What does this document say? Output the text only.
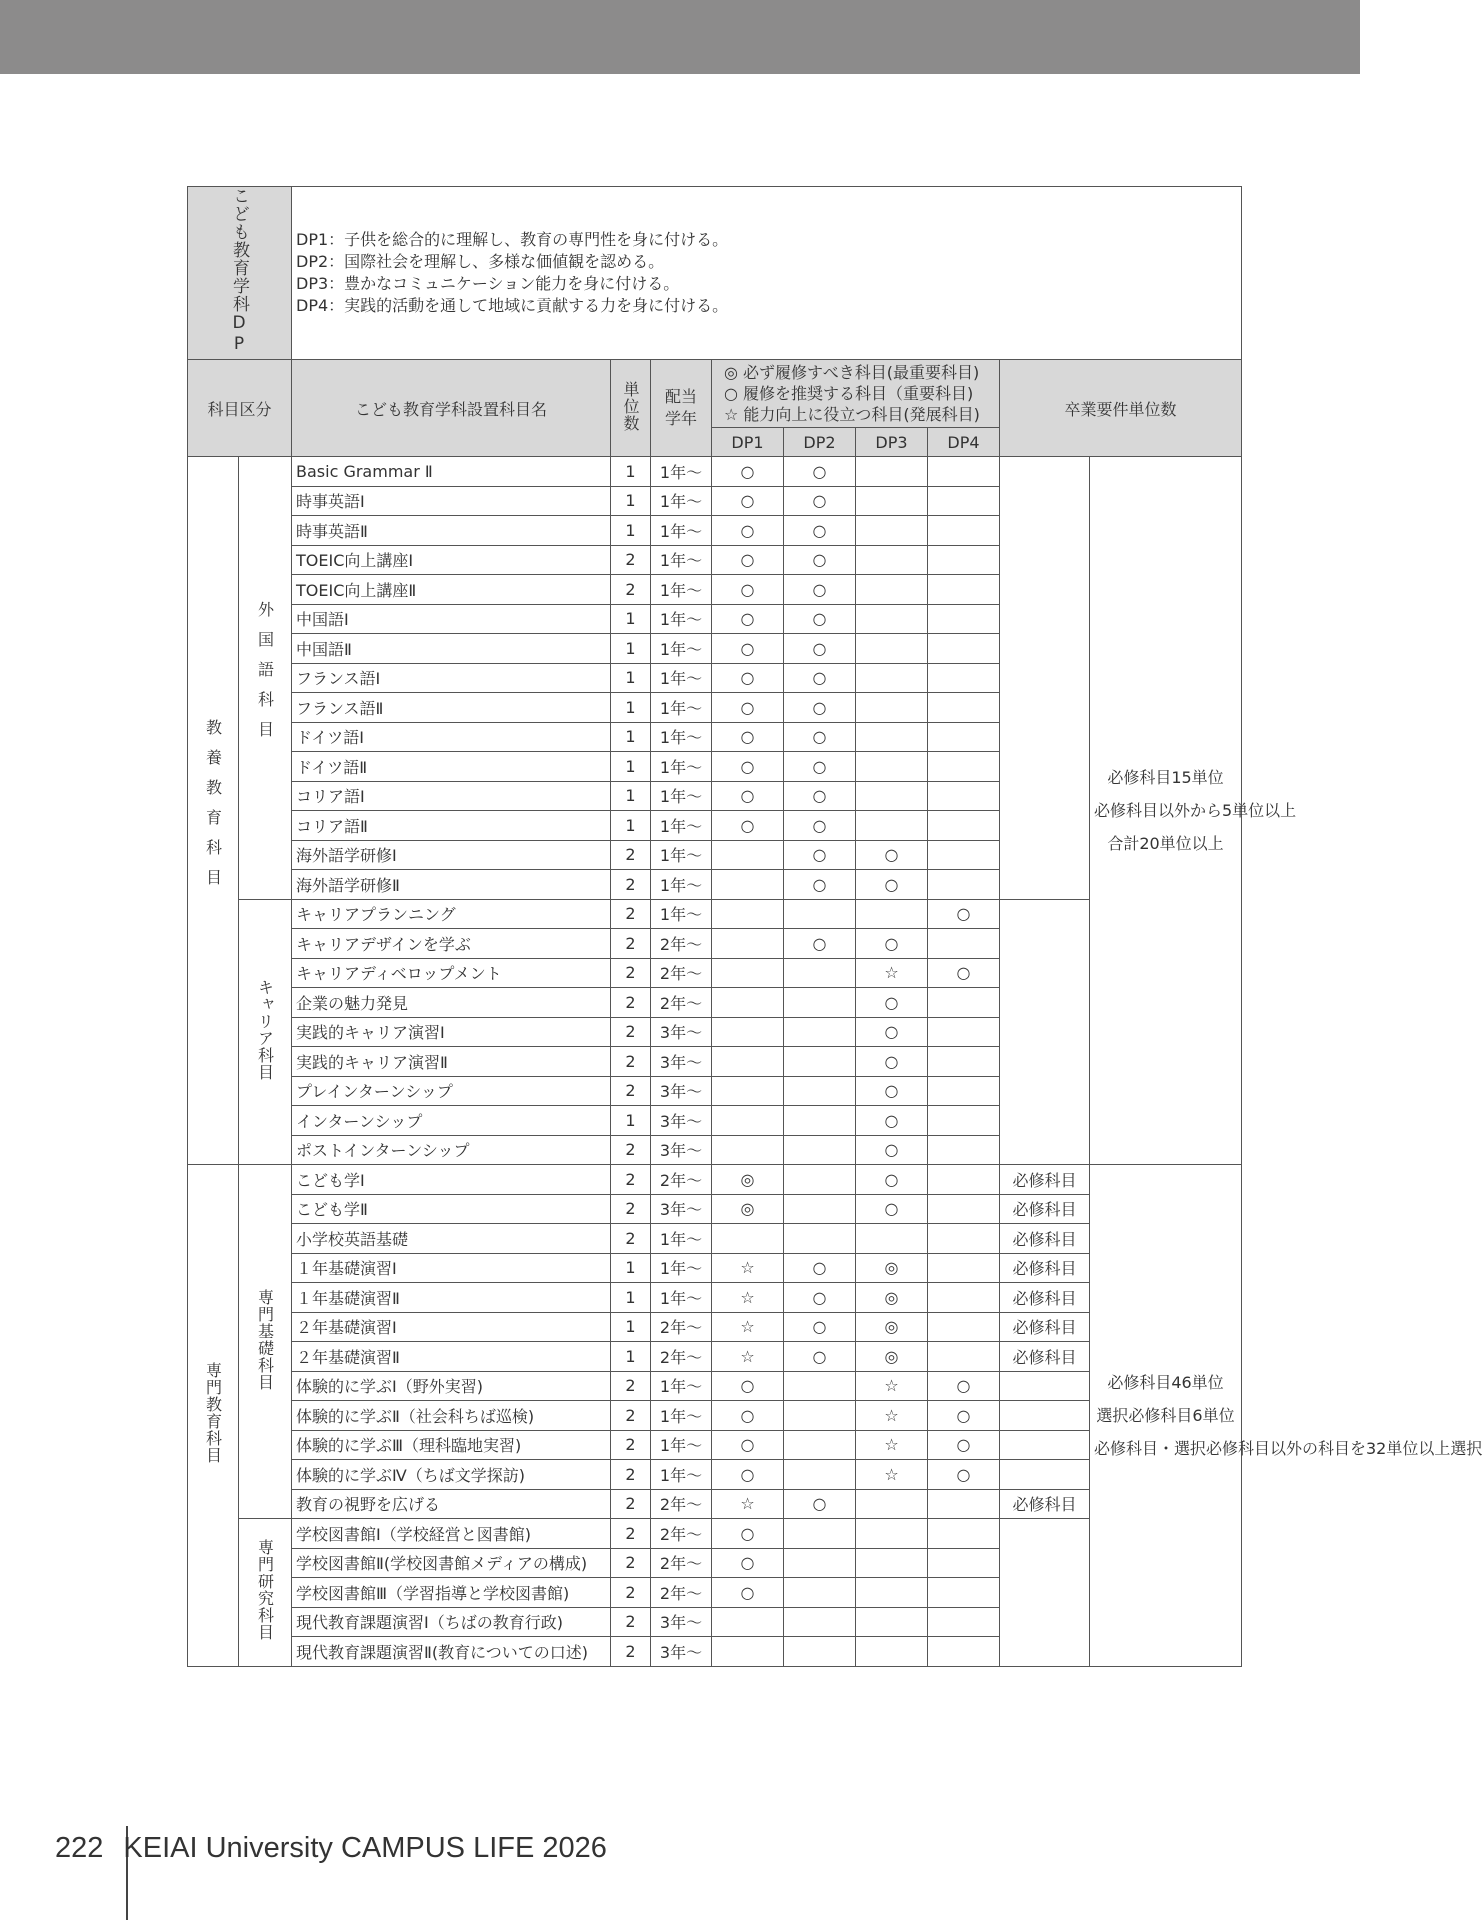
こども教育学科DP		DP1：子供を総合的に理解し、教育の専門性を身に付ける。
DP2：国際社会を理解し、多様な価値観を認める。
DP3：豊かなコミュニケーション能力を身に付ける。
DP4：実践的活動を通して地域に貢献する力を身に付ける。								

科目区分		こども教育学科設置科目名	単位数	配当学年	◎ 必ず履修すべき科目(最重要科目)
○ 履修を推奨する科目（重要科目)
☆ 能力向上に役立つ科目(発展科目)				卒業要件単位数	
					DP1	DP2	DP3	DP4		
教養教育科目	外国語科目	Basic Grammar Ⅱ	1	1年～	○	○				必修科目15単位

必修科目以外から5単位以上

合計20単位以上

		時事英語Ⅰ	1	1年～	○	○				
		時事英語Ⅱ	1	1年～	○	○				
		TOEIC向上講座Ⅰ	2	1年～	○	○				
		TOEIC向上講座Ⅱ	2	1年～	○	○				
		中国語Ⅰ	1	1年～	○	○				
		中国語Ⅱ	1	1年～	○	○				
		フランス語Ⅰ	1	1年～	○	○				
		フランス語Ⅱ	1	1年～	○	○				
		ドイツ語Ⅰ	1	1年～	○	○				
		ドイツ語Ⅱ	1	1年～	○	○				
		コリア語Ⅰ	1	1年～	○	○				
		コリア語Ⅱ	1	1年～	○	○				
		海外語学研修Ⅰ	2	1年～		○	○			
		海外語学研修Ⅱ	2	1年～		○	○			
	キャリア科目	キャリアプランニング	2	1年～				○		
		キャリアデザインを学ぶ	2	2年～		○	○			
		キャリアディベロップメント	2	2年～			☆	○		
		企業の魅力発見	2	2年～			○			
		実践的キャリア演習Ⅰ	2	3年～			○			
		実践的キャリア演習Ⅱ	2	3年～			○			
		プレインターンシップ	2	3年～			○			
		インターンシップ	1	3年～			○			
		ポストインターンシップ	2	3年～			○			
専門教育科目	専門基礎科目	こども学Ⅰ	2	2年～	◎		○		必修科目	必修科目46単位

選択必修科目6単位

必修科目・選択必修科目以外の科目を32単位以上選択

		こども学Ⅱ	2	3年～	◎		○		必修科目	
		小学校英語基礎	2	1年～					必修科目	
		１年基礎演習Ⅰ	1	1年～	☆	○	◎		必修科目	
		１年基礎演習Ⅱ	1	1年～	☆	○	◎		必修科目	
		２年基礎演習Ⅰ	1	2年～	☆	○	◎		必修科目	
		２年基礎演習Ⅱ	1	2年～	☆	○	◎		必修科目	
		体験的に学ぶⅠ（野外実習)	2	1年～	○		☆	○		
		体験的に学ぶⅡ（社会科ちば巡検)	2	1年～	○		☆	○		
		体験的に学ぶⅢ（理科臨地実習)	2	1年～	○		☆	○		
		体験的に学ぶⅣ（ちば文学探訪)	2	1年～	○		☆	○		
		教育の視野を広げる	2	2年～	☆	○			必修科目	
	専門研究科目	学校図書館Ⅰ（学校経営と図書館)	2	2年～	○					
		学校図書館Ⅱ(学校図書館メディアの構成)	2	2年～	○					
		学校図書館Ⅲ（学習指導と学校図書館)	2	2年～	○					
		現代教育課題演習Ⅰ（ちばの教育行政)	2	3年～						
		現代教育課題演習Ⅱ(教育についての口述)	2	3年～						
222 KEIAI University CAMPUS LIFE 2026
